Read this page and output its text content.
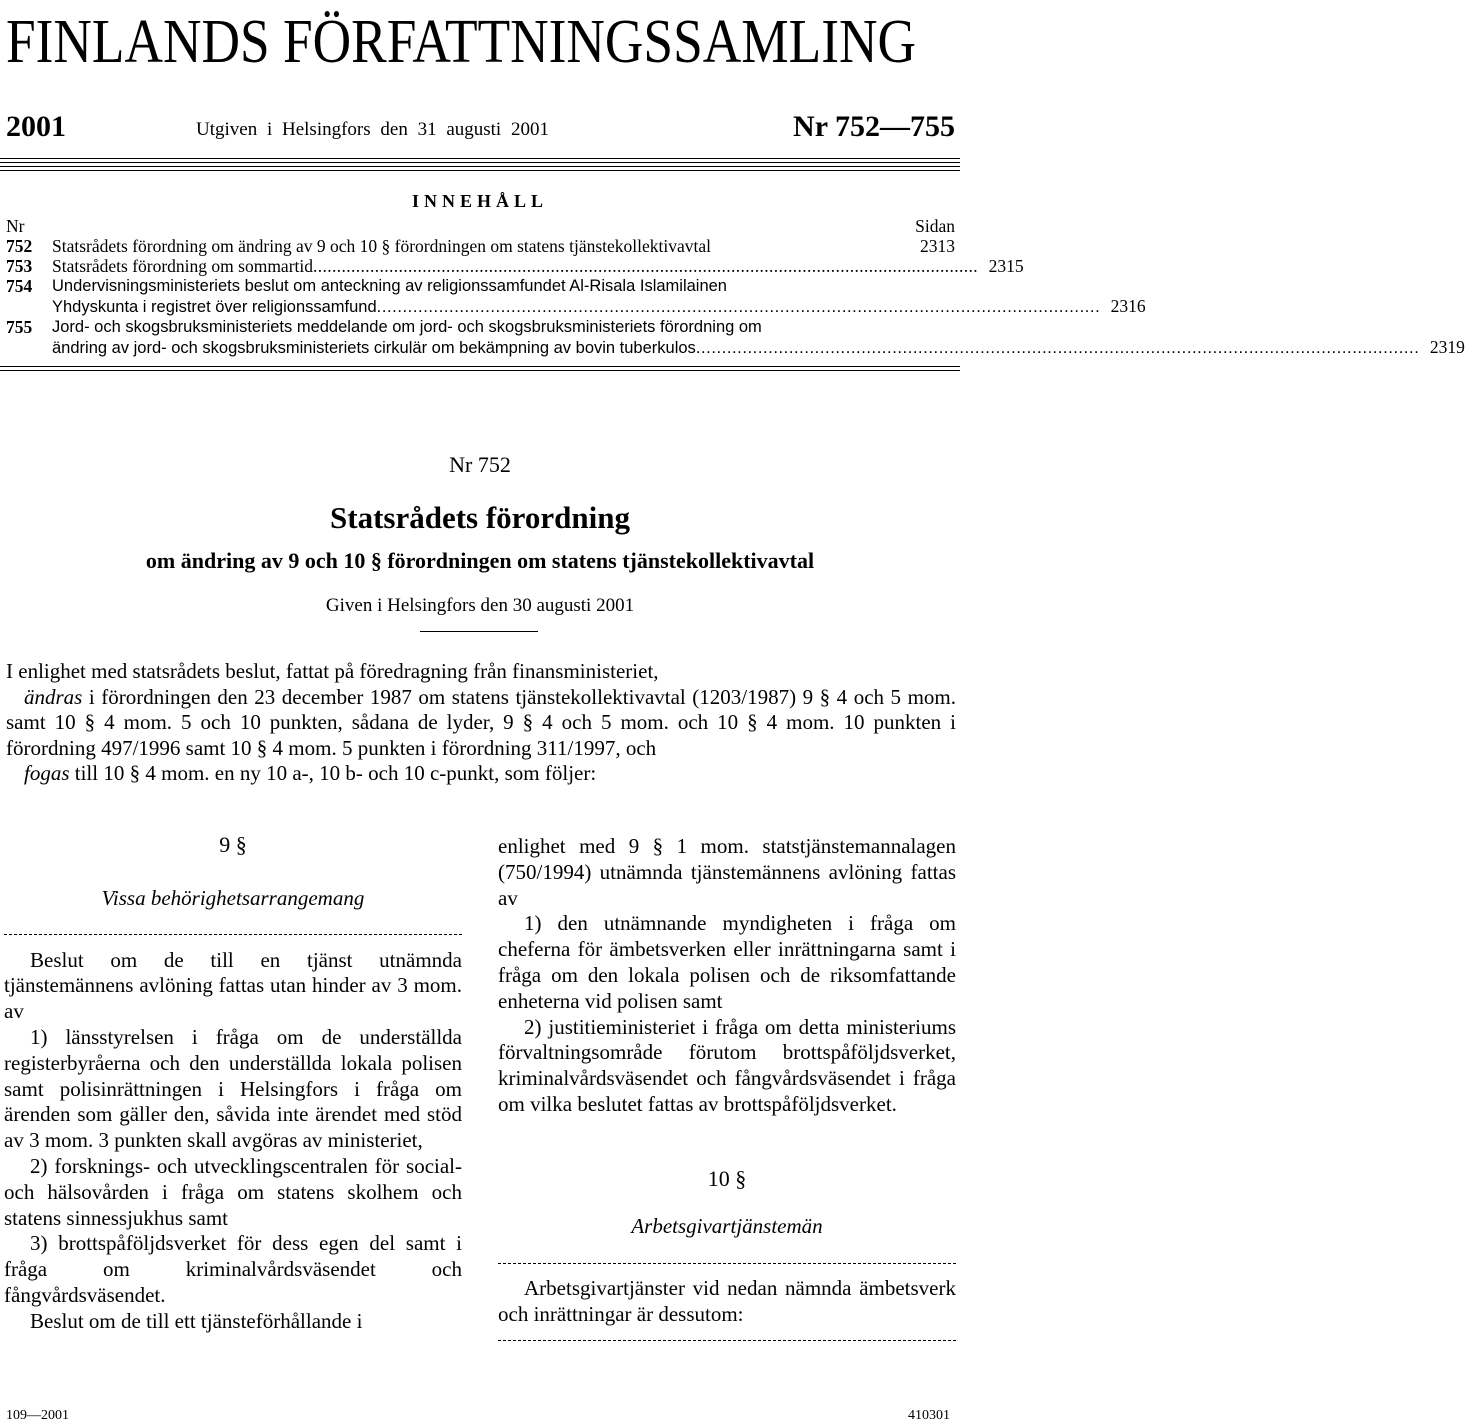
FINLANDS FÖRFATTNINGSSAMLING
2001	Utgiven i Helsingfors den 31 augusti 2001	Nr 752—755
INNEHÅLL
Nr	Sidan
752	Statsrådets förordning om ändring av 9 och 10 § förordningen om statens tjänstekollektivavtal	2313
753	Statsrådets förordning om sommartid . . .	2315
754	Undervisningsministeriets beslut om anteckning av religionssamfundet Al-Risala Islamilainen
Yhdyskunta i registret över religionssamfund . . .	2316
755	Jord- och skogsbruksministeriets meddelande om jord- och skogsbruksministeriets förordning om
ändring av jord- och skogsbruksministeriets cirkulär om bekämpning av bovin tuberkulos . . .	2319
Nr 752
Statsrådets förordning
om ändring av 9 och 10 § förordningen om statens tjänstekollektivavtal
Given i Helsingfors den 30 augusti 2001

I enlighet med statsrådets beslut, fattat på föredragning från finansministeriet,

ändras i förordningen den 23 december 1987 om statens tjänstekollektivavtal (1203/1987) 9 § 4 och 5 mom. samt 10 § 4 mom. 5 och 10 punkten, sådana de lyder, 9 § 4 och 5 mom. och 10 § 4 mom. 10 punkten i förordning 497/1996 samt 10 § 4 mom. 5 punkten i förordning 311/1997, och

fogas till 10 § 4 mom. en ny 10 a-, 10 b- och 10 c-punkt, som följer:

9 §
Vissa behörighetsarrangemang

Beslut om de till en tjänst utnämnda tjänstemännens avlöning fattas utan hinder av 3 mom. av

1) länsstyrelsen i fråga om de underställda registerbyråerna och den underställda lokala polisen samt polisinrättningen i Helsingfors i fråga om ärenden som gäller den, såvida inte ärendet med stöd av 3 mom. 3 punkten skall avgöras av ministeriet,

2) forsknings- och utvecklingscentralen för social- och hälsovården i fråga om statens skolhem och statens sinnessjukhus samt

3) brottspåföljdsverket för dess egen del samt i fråga om kriminalvårdsväsendet och fångvårdsväsendet.

Beslut om de till ett tjänsteförhållande i

enlighet med 9 § 1 mom. statstjänstemannalagen (750/1994) utnämnda tjänstemännens avlöning fattas av

1) den utnämnande myndigheten i fråga om cheferna för ämbetsverken eller inrättningarna samt i fråga om den lokala polisen och de riksomfattande enheterna vid polisen samt

2) justitieministeriet i fråga om detta ministeriums förvaltningsområde förutom brottspåföljdsverket, kriminalvårdsväsendet och fångvårdsväsendet i fråga om vilka beslutet fattas av brottspåföljdsverket.

10 §
Arbetsgivartjänstemän

Arbetsgivartjänster vid nedan nämnda ämbetsverk och inrättningar är dessutom:

109—2001	410301
